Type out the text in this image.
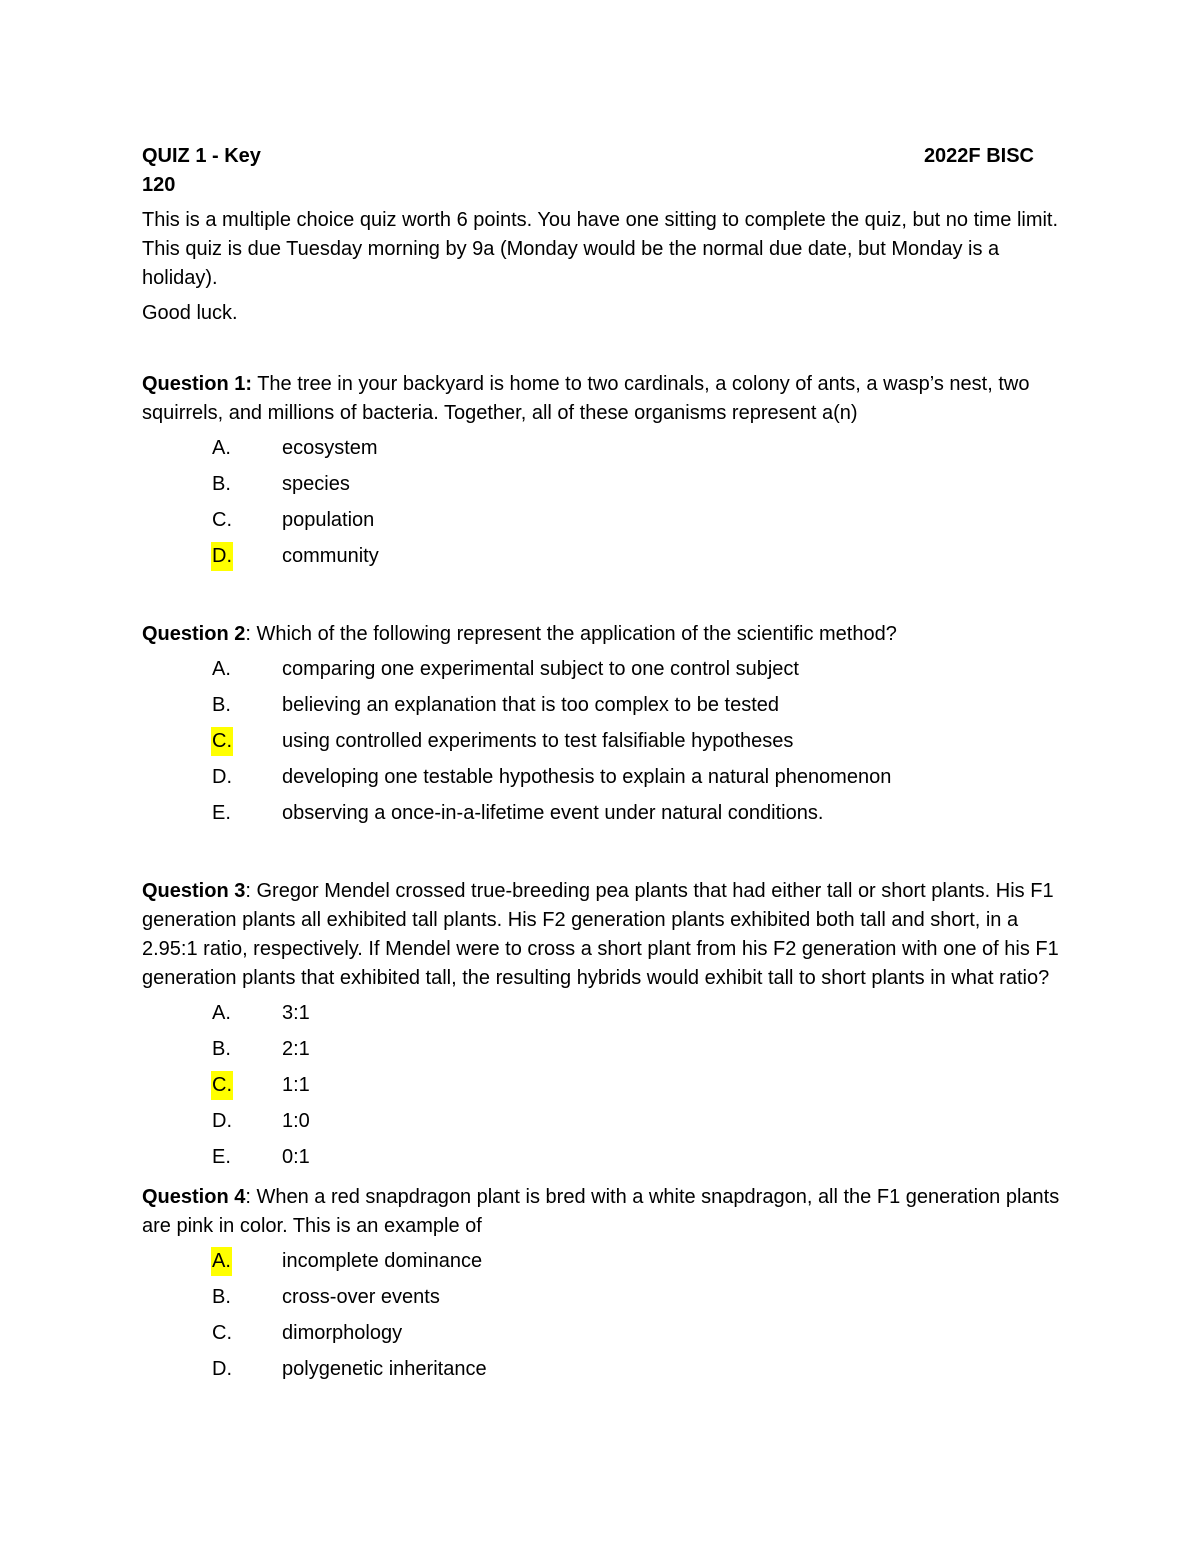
QUIZ 1 - Key	2022F BISC
120

This is a multiple choice quiz worth 6 points. You have one sitting to complete the quiz, but no time limit. This quiz is due Tuesday morning by 9a (Monday would be the normal due date, but Monday is a holiday).

Good luck.

Question 1: The tree in your backyard is home to two cardinals, a colony of ants, a wasp’s nest, two squirrels, and millions of bacteria. Together, all of these organisms represent a(n)

A.	ecosystem
B.	species
C.	population
D.	community

Question 2: Which of the following represent the application of the scientific method?

A.	comparing one experimental subject to one control subject
B.	believing an explanation that is too complex to be tested
C.	using controlled experiments to test falsifiable hypotheses
D.	developing one testable hypothesis to explain a natural phenomenon
E.	observing a once-in-a-lifetime event under natural conditions.

Question 3: Gregor Mendel crossed true-breeding pea plants that had either tall or short plants. His F1 generation plants all exhibited tall plants. His F2 generation plants exhibited both tall and short, in a 2.95:1 ratio, respectively. If Mendel were to cross a short plant from his F2 generation with one of his F1 generation plants that exhibited tall, the resulting hybrids would exhibit tall to short plants in what ratio?

A.	3:1
B.	2:1
C.	1:1
D.	1:0
E.	0:1

Question 4: When a red snapdragon plant is bred with a white snapdragon, all the F1 generation plants are pink in color. This is an example of

A.	incomplete dominance
B.	cross-over events
C.	dimorphology
D.	polygenetic inheritance
